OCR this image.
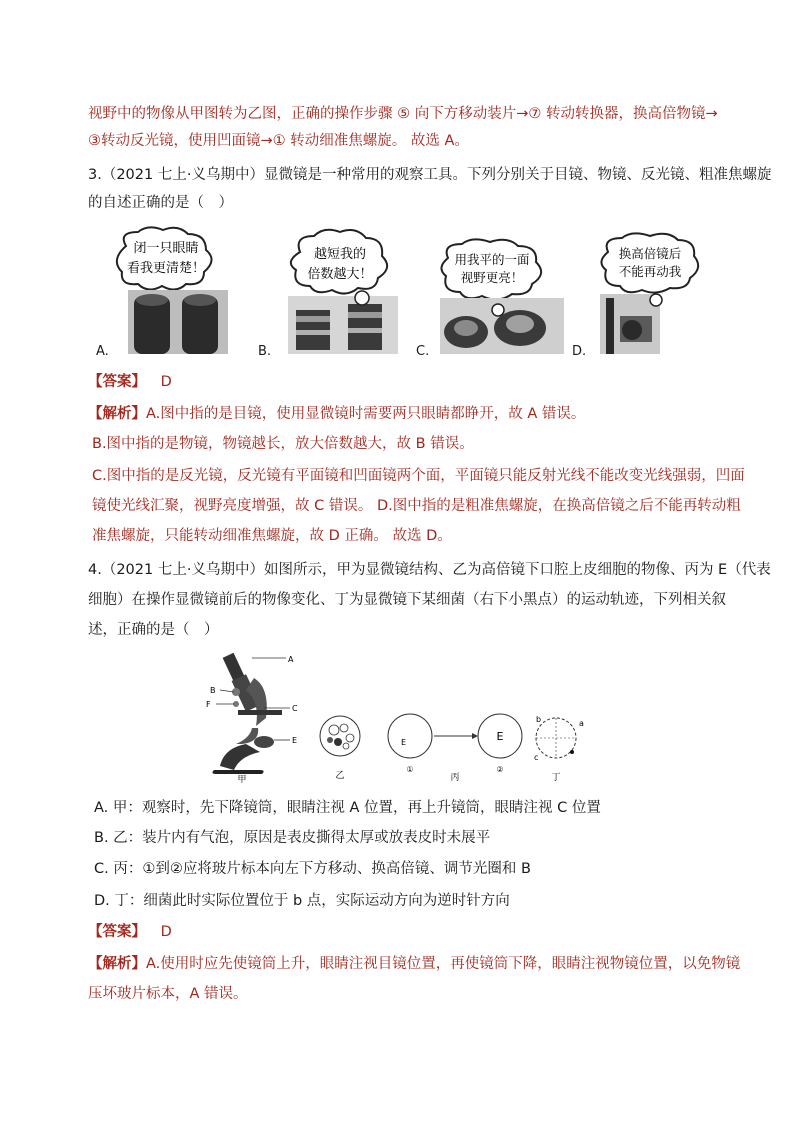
视野中的物像从甲图转为乙图，正确的操作步骤 ⑤ 向下方移动装片→⑦ 转动转换器，换高倍物镜→
③转动反光镜，使用凹面镜→① 转动细准焦螺旋。 故选 A。
3.（2021 七上·义乌期中）显微镜是一种常用的观察工具。下列分别关于目镜、物镜、反光镜、粗准焦螺旋
的自述正确的是（　）
闭一只眼睛
看我更清楚！
A.
越短我的
倍数越大！
B.
用我平的一面
视野更亮！
C.
换高倍镜后
不能再动我
D.
【答案】 D
【解析】A.图中指的是目镜，使用显微镜时需要两只眼睛都睁开，故 A 错误。
B.图中指的是物镜，物镜越长，放大倍数越大，故 B 错误。
C.图中指的是反光镜，反光镜有平面镜和凹面镜两个面，平面镜只能反射光线不能改变光线强弱，凹面
镜使光线汇聚，视野亮度增强，故 C 错误。 D.图中指的是粗准焦螺旋，在换高倍镜之后不能再转动粗
准焦螺旋，只能转动细准焦螺旋，故 D 正确。 故选 D。
4.（2021 七上·义乌期中）如图所示，甲为显微镜结构、乙为高倍镜下口腔上皮细胞的物像、丙为 E（代表
细胞）在操作显微镜前后的物像变化、丁为显微镜下某细菌（右下小黑点）的运动轨迹，下列相关叙
述，正确的是（　）
A
B
F	C
E
甲	乙
E
①
E
②
丙
b	a
c
丁
A. 甲：观察时，先下降镜筒，眼睛注视 A 位置，再上升镜筒，眼睛注视 C 位置
B. 乙：装片内有气泡，原因是表皮撕得太厚或放表皮时未展平
C. 丙：①到②应将玻片标本向左下方移动、换高倍镜、调节光圈和 B
D. 丁：细菌此时实际位置位于 b 点，实际运动方向为逆时针方向
【答案】 D
【解析】A.使用时应先使镜筒上升，眼睛注视目镜位置，再使镜筒下降，眼睛注视物镜位置，以免物镜
压坏玻片标本，A 错误。
